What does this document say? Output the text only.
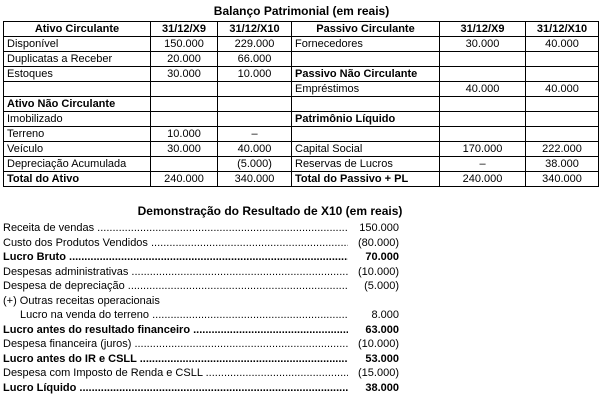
Balanço Patrimonial (em reais)
Ativo Circulante	31/12/X9	31/12/X10	Passivo Circulante	31/12/X9	31/12/X10
Disponível	150.000	229.000	Fornecedores	30.000	40.000
Duplicatas a Receber	20.000	66.000			
Estoques	30.000	10.000	Passivo Não Circulante		
			Empréstimos	40.000	40.000
Ativo Não Circulante					
Imobilizado			Patrimônio Líquido		
Terreno	10.000	–			
Veículo	30.000	40.000	Capital Social	170.000	222.000
Depreciação Acumulada		(5.000)	Reservas de Lucros	–	38.000
Total do Ativo	240.000	340.000	Total do Passivo + PL	240.000	340.000
Demonstração do Resultado de X10 (em reais)
Receita de vendas .....	150.000
Custo dos Produtos Vendidos .....	(80.000)
Lucro Bruto .....	70.000
Despesas administrativas .....	(10.000)
Despesa de depreciação .....	(5.000)
(+) Outras receitas operacionais
Lucro na venda do terreno .....	8.000
Lucro antes do resultado financeiro .....	63.000
Despesa financeira (juros) .....	(10.000)
Lucro antes do IR e CSLL .....	53.000
Despesa com Imposto de Renda e CSLL .....	(15.000)
Lucro Líquido .....	38.000
